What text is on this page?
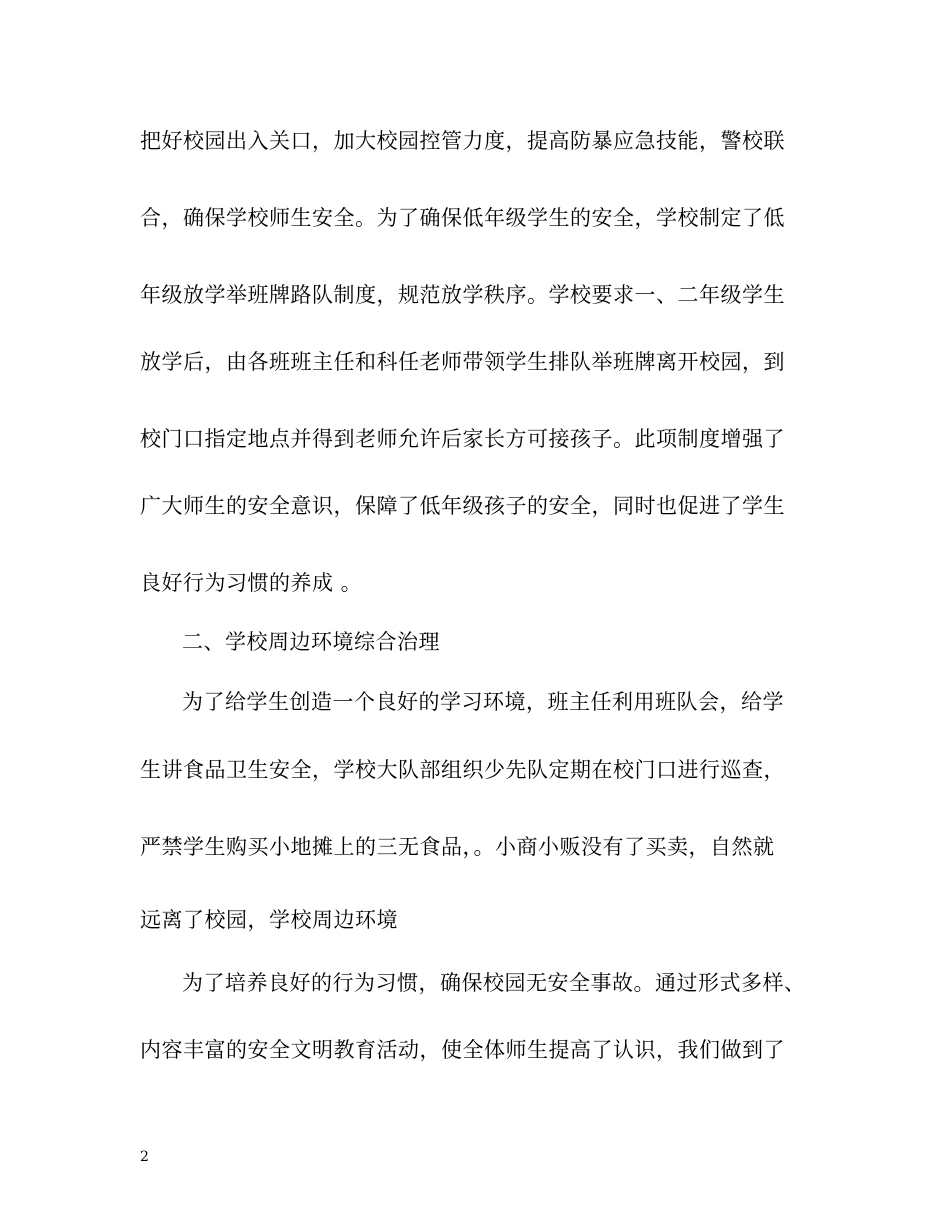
把好校园出入关口，加大校园控管力度，提高防暴应急技能，警校联
合，确保学校师生安全。为了确保低年级学生的安全，学校制定了低
年级放学举班牌路队制度，规范放学秩序。学校要求一、二年级学生
放学后，由各班班主任和科任老师带领学生排队举班牌离开校园，到
校门口指定地点并得到老师允许后家长方可接孩子。此项制度增强了
广大师生的安全意识，保障了低年级孩子的安全，同时也促进了学生
良好行为习惯的养成 。
二、学校周边环境综合治理
为了给学生创造一个良好的学习环境，班主任利用班队会，给学
生讲食品卫生安全，学校大队部组织少先队定期在校门口进行巡查，
严禁学生购买小地摊上的三无食品，。小商小贩没有了买卖，自然就
远离了校园，学校周边环境
为了培养良好的行为习惯，确保校园无安全事故。通过形式多样、
内容丰富的安全文明教育活动，使全体师生提高了认识，我们做到了
2
